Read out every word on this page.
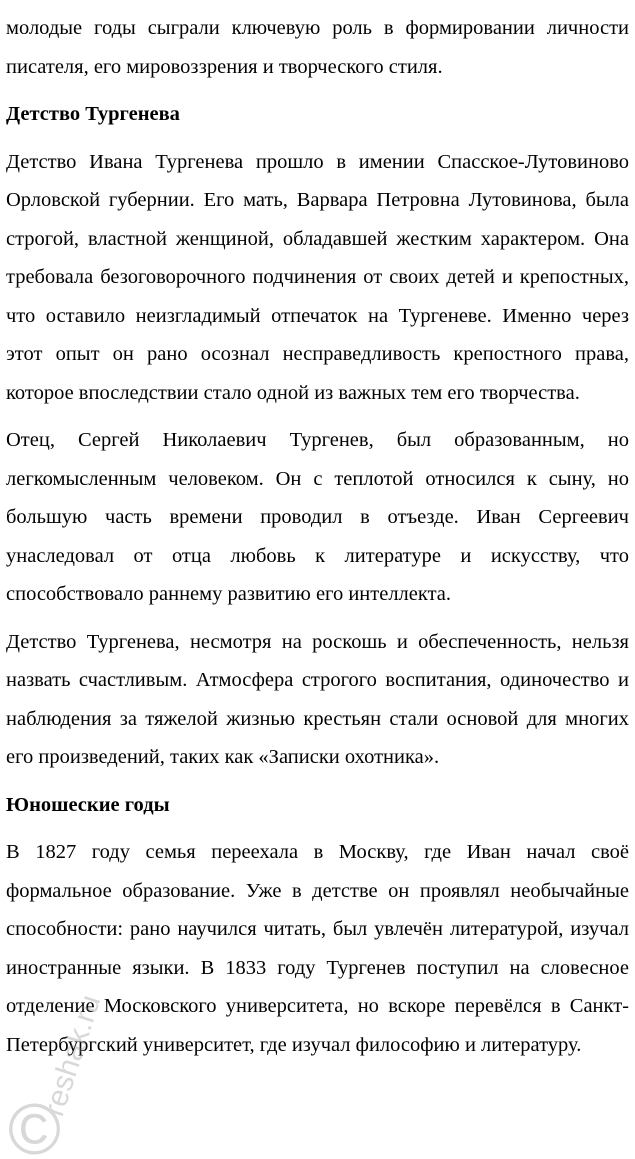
молодые годы сыграли ключевую роль в формировании личности писателя, его мировоззрения и творческого стиля.

Детство Тургенева

Детство Ивана Тургенева прошло в имении Спасское-Лутовиново Орловской губернии. Его мать, Варвара Петровна Лутовинова, была строгой, властной женщиной, обладавшей жестким характером. Она требовала безоговорочного подчинения от своих детей и крепостных, что оставило неизгладимый отпечаток на Тургеневе. Именно через этот опыт он рано осознал несправедливость крепостного права, которое впоследствии стало одной из важных тем его творчества.

Отец, Сергей Николаевич Тургенев, был образованным, но легкомысленным человеком. Он с теплотой относился к сыну, но большую часть времени проводил в отъезде. Иван Сергеевич унаследовал от отца любовь к литературе и искусству, что способствовало раннему развитию его интеллекта.

Детство Тургенева, несмотря на роскошь и обеспеченность, нельзя назвать счастливым. Атмосфера строгого воспитания, одиночество и наблюдения за тяжелой жизнью крестьян стали основой для многих его произведений, таких как «Записки охотника».

Юношеские годы

В 1827 году семья переехала в Москву, где Иван начал своё формальное образование. Уже в детстве он проявлял необычайные способности: рано научился читать, был увлечён литературой, изучал иностранные языки. В 1833 году Тургенев поступил на словесное отделение Московского университета, но вскоре перевёлся в Санкт-Петербургский университет, где изучал философию и литературу.

©
reshak.ru
